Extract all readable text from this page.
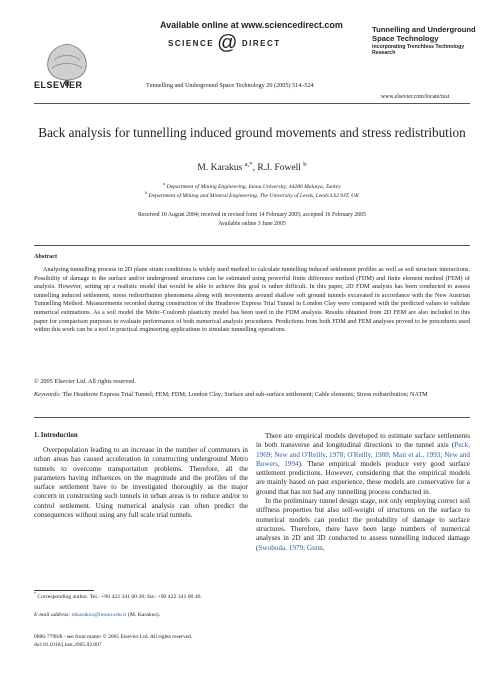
ELSEVIER
Available online at www.sciencedirect.com
SCIENCE @ DIRECT
Tunnelling and Underground Space Technology 20 (2005) 514–524
Tunnelling and Underground Space Technology
incorporating Trenchless Technology Research
www.elsevier.com/locate/tust
Back analysis for tunnelling induced ground movements and stress redistribution
M. Karakus $^{a,*}$, R.J. Fowell $^b$
$^a$ Department of Mining Engineering, Inonu University, 44280 Malatya, Turkey
$^b$ Department of Mining and Mineral Engineering, The University of Leeds, Leeds LS2 9JT, UK
Received 10 August 2004; received in revised form 14 February 2005; accepted 16 February 2005
Available online 3 June 2005
Abstract
Analysing tunnelling process in 2D plane strain conditions is widely used method to calculate tunnelling induced settlement profiles as well as soil structure interactions. Possibility of damage to the surface and/or underground structures can be estimated using powerful finite difference method (FDM) and finite element method (FEM) of analysis. However, setting up a realistic model that would be able to achieve this goal is rather difficult. In this paper, 2D FDM analysis has been conducted to assess tunnelling induced settlement, stress redistribution phenomena along with movements around shallow soft ground tunnels excavated in accordance with the New Austrian Tunnelling Method. Measurements recorded during construction of the Heathrow Express Trial Tunnel in London Clay were compared with the predicted values to validate numerical estimations. As a soil model the Mohr–Coulomb plasticity model has been used in the FDM analysis. Results obtained from 2D FEM are also included in this paper for comparison purposes to evaluate performance of both numerical analysis procedures. Predictions from both FDM and FEM analyses proved to be procedures used within this work can be a tool in practical engineering applications to simulate tunnelling operations.
© 2005 Elsevier Ltd. All rights reserved.
Keywords: The Heathrow Express Trial Tunnel; FEM; FDM; London Clay; Surface and sub-surface settlement; Cable elements; Stress redistribution; NATM
1. Introduction
Overpopulation leading to an increase in the number of commuters in urban areas has caused acceleration in constructing underground Metro tunnels to overcome transportation problems. Therefore, all the parameters having influences on the magnitude and the profiles of the surface settlement have to be investigated thoroughly as the major concern in constructing such tunnels in urban areas is to reduce and/or to control settlement. Using numerical analysis can often predict the consequences without using any full scale trial tunnels.

There are empirical models developed to estimate surface settlements in both transverse and longitudinal directions to the tunnel axis (Peck, 1969; New and O'Reilly, 1978; O'Reilly, 1988; Mair et al., 1993; New and Bowers, 1994). These empirical models produce very good surface settlement predictions. However, considering that the empirical models are mainly based on past experience, these models are conservative for a ground that has not had any tunnelling process conducted in.

In the preliminary tunnel design stage, not only employing correct soil stiffness properties but also self-weight of structures on the surface to numerical models can predict the probability of damage to surface structures. Therefore, there have been large numbers of numerical analyses in 2D and 3D conducted to assess tunnelling induced damage (Swoboda, 1979; Gunn,

* Corresponding author. Tel.: +90 422 341 00 30; fax: +90 422 341 00 46.
E-mail address: mkarakus@inonu.edu.tr (M. Karakus).
0886-7798/$ - see front matter © 2005 Elsevier Ltd. All rights reserved.
doi:10.1016/j.tust.2005.02.007
